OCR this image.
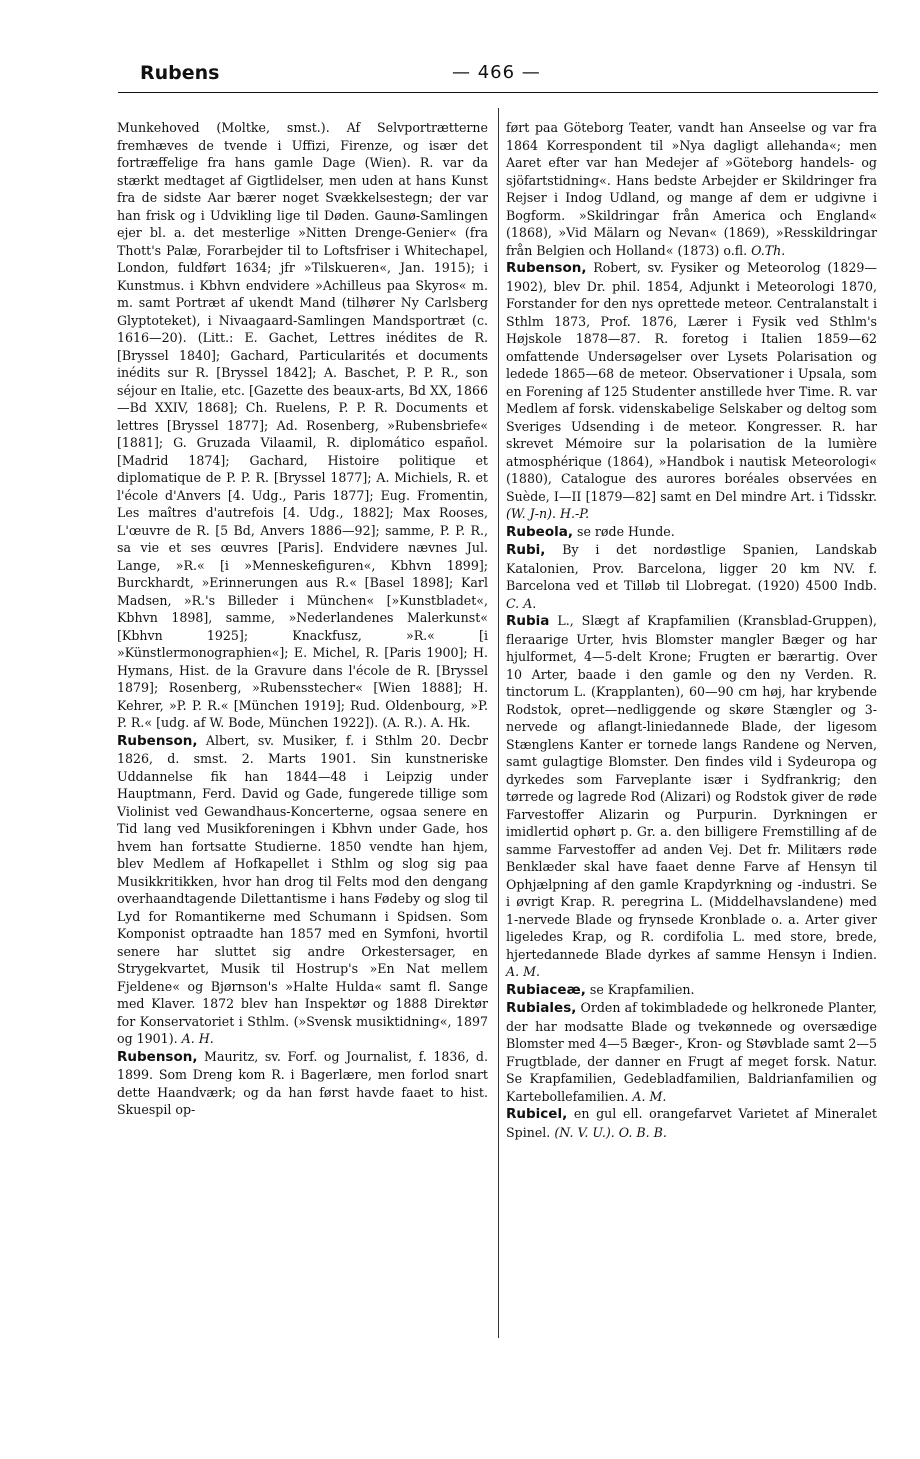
Rubens	— 466 —

Munkehoved (Moltke, smst.). Af Selvportrætterne fremhæves de tvende i Uffizi, Firenze, og især det fortræffelige fra hans gamle Dage (Wien). R. var da stærkt medtaget af Gigtlidelser, men uden at hans Kunst fra de sidste Aar bærer noget Svækkelsestegn; der var han frisk og i Udvikling lige til Døden. Gaunø-Samlingen ejer bl. a. det mesterlige »Nitten Drenge-Genier« (fra Thott's Palæ, Forarbejder til to Loftsfriser i Whitechapel, London, fuldført 1634; jfr »Tilskueren«, Jan. 1915); i Kunstmus. i Kbhvn endvidere »Achilleus paa Skyros« m. m. samt Portræt af ukendt Mand (tilhører Ny Carlsberg Glyptoteket), i Nivaagaard-Samlingen Mandsportræt (c. 1616—20). (Litt.: E. Gachet, Lettres inédites de R. [Bryssel 1840]; Gachard, Particularités et documents inédits sur R. [Bryssel 1842]; A. Baschet, P. P. R., son séjour en Italie, etc. [Gazette des beaux-arts, Bd XX, 1866—Bd XXIV, 1868]; Ch. Ruelens, P. P. R. Documents et lettres [Bryssel 1877]; Ad. Rosenberg, »Rubensbriefe« [1881]; G. Gruzada Vilaamil, R. diplomático español. [Madrid 1874]; Gachard, Histoire politique et diplomatique de P. P. R. [Bryssel 1877]; A. Michiels, R. et l'école d'Anvers [4. Udg., Paris 1877]; Eug. Fromentin, Les maîtres d'autrefois [4. Udg., 1882]; Max Rooses, L'œuvre de R. [5 Bd, Anvers 1886—92]; samme, P. P. R., sa vie et ses œuvres [Paris]. Endvidere nævnes Jul. Lange, »R.« [i »Menneskefiguren«, Kbhvn 1899]; Burckhardt, »Erinnerungen aus R.« [Basel 1898]; Karl Madsen, »R.'s Billeder i München« [»Kunstbladet«, Kbhvn 1898], samme, »Nederlandenes Malerkunst« [Kbhvn 1925]; Knackfusz, »R.« [i »Künstlermonographien«]; E. Michel, R. [Paris 1900]; H. Hymans, Hist. de la Gravure dans l'école de R. [Bryssel 1879]; Rosenberg, »Rubensstecher« [Wien 1888]; H. Kehrer, »P. P. R.« [München 1919]; Rud. Oldenbourg, »P. P. R.« [udg. af W. Bode, München 1922]). (A. R.). A. Hk.

Rubenson, Albert, sv. Musiker, f. i Sthlm 20. Decbr 1826, d. smst. 2. Marts 1901. Sin kunstneriske Uddannelse fik han 1844—48 i Leipzig under Hauptmann, Ferd. David og Gade, fungerede tillige som Violinist ved Gewandhaus-Koncerterne, ogsaa senere en Tid lang ved Musikforeningen i Kbhvn under Gade, hos hvem han fortsatte Studierne. 1850 vendte han hjem, blev Medlem af Hofkapellet i Sthlm og slog sig paa Musikkritikken, hvor han drog til Felts mod den dengang overhaandtagende Dilettantisme i hans Fødeby og slog til Lyd for Romantikerne med Schumann i Spidsen. Som Komponist optraadte han 1857 med en Symfoni, hvortil senere har sluttet sig andre Orkestersager, en Strygekvartet, Musik til Hostrup's »En Nat mellem Fjeldene« og Bjørnson's »Halte Hulda« samt fl. Sange med Klaver. 1872 blev han Inspektør og 1888 Direktør for Konservatoriet i Sthlm. (»Svensk musiktidning«, 1897 og 1901). A. H.

Rubenson, Mauritz, sv. Forf. og Journalist, f. 1836, d. 1899. Som Dreng kom R. i Bagerlære, men forlod snart dette Haandværk; og da han først havde faaet to hist. Skuespil op-

ført paa Göteborg Teater, vandt han Anseelse og var fra 1864 Korrespondent til »Nya dagligt allehanda«; men Aaret efter var han Medejer af »Göteborg handels- og sjöfartstidning«. Hans bedste Arbejder er Skildringer fra Rejser i Indog Udland, og mange af dem er udgivne i Bogform. »Skildringar från America och England« (1868), »Vid Mälarn og Nevan« (1869), »Resskildringar från Belgien och Holland« (1873) o.fl. O.Th.

Rubenson, Robert, sv. Fysiker og Meteorolog (1829—1902), blev Dr. phil. 1854, Adjunkt i Meteorologi 1870, Forstander for den nys oprettede meteor. Centralanstalt i Sthlm 1873, Prof. 1876, Lærer i Fysik ved Sthlm's Højskole 1878—87. R. foretog i Italien 1859—62 omfattende Undersøgelser over Lysets Polarisation og ledede 1865—68 de meteor. Observationer i Upsala, som en Forening af 125 Studenter anstillede hver Time. R. var Medlem af forsk. videnskabelige Selskaber og deltog som Sveriges Udsending i de meteor. Kongresser. R. har skrevet Mémoire sur la polarisation de la lumière atmosphérique (1864), »Handbok i nautisk Meteorologi« (1880), Catalogue des aurores boréales observées en Suède, I—II [1879—82] samt en Del mindre Art. i Tidsskr. (W. J-n). H.-P.

Rubeola, se røde Hunde.

Rubi, By i det nordøstlige Spanien, Landskab Katalonien, Prov. Barcelona, ligger 20 km NV. f. Barcelona ved et Tilløb til Llobregat. (1920) 4500 Indb. C. A.

Rubia L., Slægt af Krapfamilien (Kransblad-Gruppen), fleraarige Urter, hvis Blomster mangler Bæger og har hjulformet, 4—5-delt Krone; Frugten er bærагtig. Over 10 Arter, baade i den gamle og den ny Verden. R. tinctorum L. (Krapplanten), 60—90 cm høj, har krybende Rodstok, opret—nedliggende og skøre Stængler og 3-nervede og aflangt-liniedannede Blade, der ligesom Stænglens Kanter er tornede langs Randene og Nerven, samt gulagtige Blomster. Den findes vild i Sydeuropa og dyrkedes som Farveplante især i Sydfrankrig; den tørrede og lagrede Rod (Alizari) og Rodstok giver de røde Farvestoffer Alizarin og Purpurin. Dyrkningen er imidlertid ophørt p. Gr. a. den billigere Fremstilling af de samme Farvestoffer ad anden Vej. Det fr. Militærs røde Benklæder skal have faaet denne Farve af Hensyn til Ophjælpning af den gamle Krapdyrkning og -industri. Se i øvrigt Krap. R. peregrina L. (Middelhavslandene) med 1-nervede Blade og frynsede Kronblade o. a. Arter giver ligeledes Krap, og R. cordifolia L. med store, brede, hjertedannede Blade dyrkes af samme Hensyn i Indien. A. M.

Rubiaceæ, se Krapfamilien.

Rubiales, Orden af tokimbladede og helkronede Planter, der har modsatte Blade og tvekønnede og oversædige Blomster med 4—5 Bæger-, Kron- og Støvblade samt 2—5 Frugtblade, der danner en Frugt af meget forsk. Natur. Se Krapfamilien, Gedebladfamilien, Baldrianfamilien og Kartebollefamilien. A. M.

Rubicel, en gul ell. orangefarvet Varietet af Mineralet Spinel. (N. V. U.). O. B. B.
